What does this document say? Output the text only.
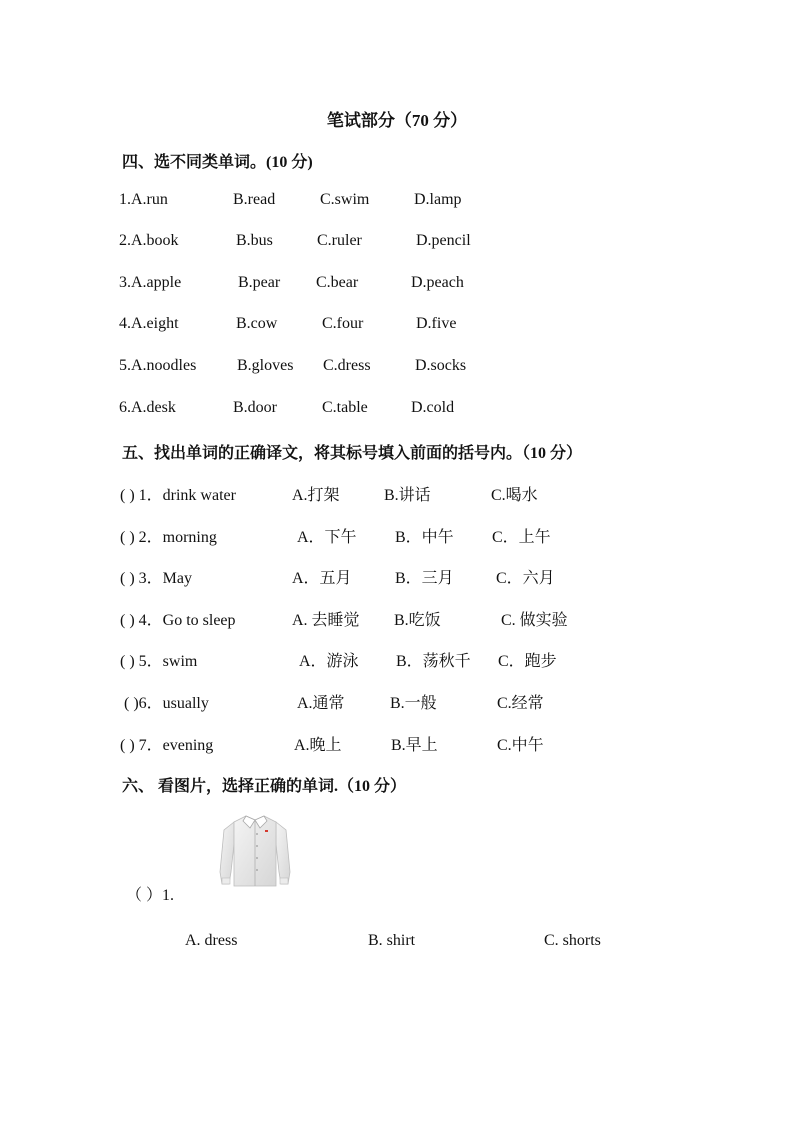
笔试部分（70 分）
四、选不同类单词。(10 分)
1.A.run	B.read	C.swim	D.lamp
2.A.book	B.bus	C.ruler	D.pencil
3.A.apple	B.pear C.bear	D.peach
4.A.eight	B.cow	C.four	D.five
5.A.noodles	B.gloves C.dress	D.socks
6.A.desk	B.door	C.table	D.cold
五、找出单词的正确译文，将其标号填入前面的括号内。（10 分）
( ) 1．drink water	A.打架	B.讲话	C.喝水
( ) 2．morning	A．下午 B．中午 C．上午
( ) 3．May	A．五月	B．三月	C．六月
( ) 4．Go to sleep	A. 去睡觉 B.吃饭	C. 做实验
( ) 5．swim	A．游泳 B．荡秋千 C．跑步
( )6．usually	A.通常	B.一般	C.经常
( ) 7．evening	A.晚上	B.早上	C.中午
六、 看图片，选择正确的单词.（10 分）
（ ）1.
A. dress	B. shirt	C. shorts
